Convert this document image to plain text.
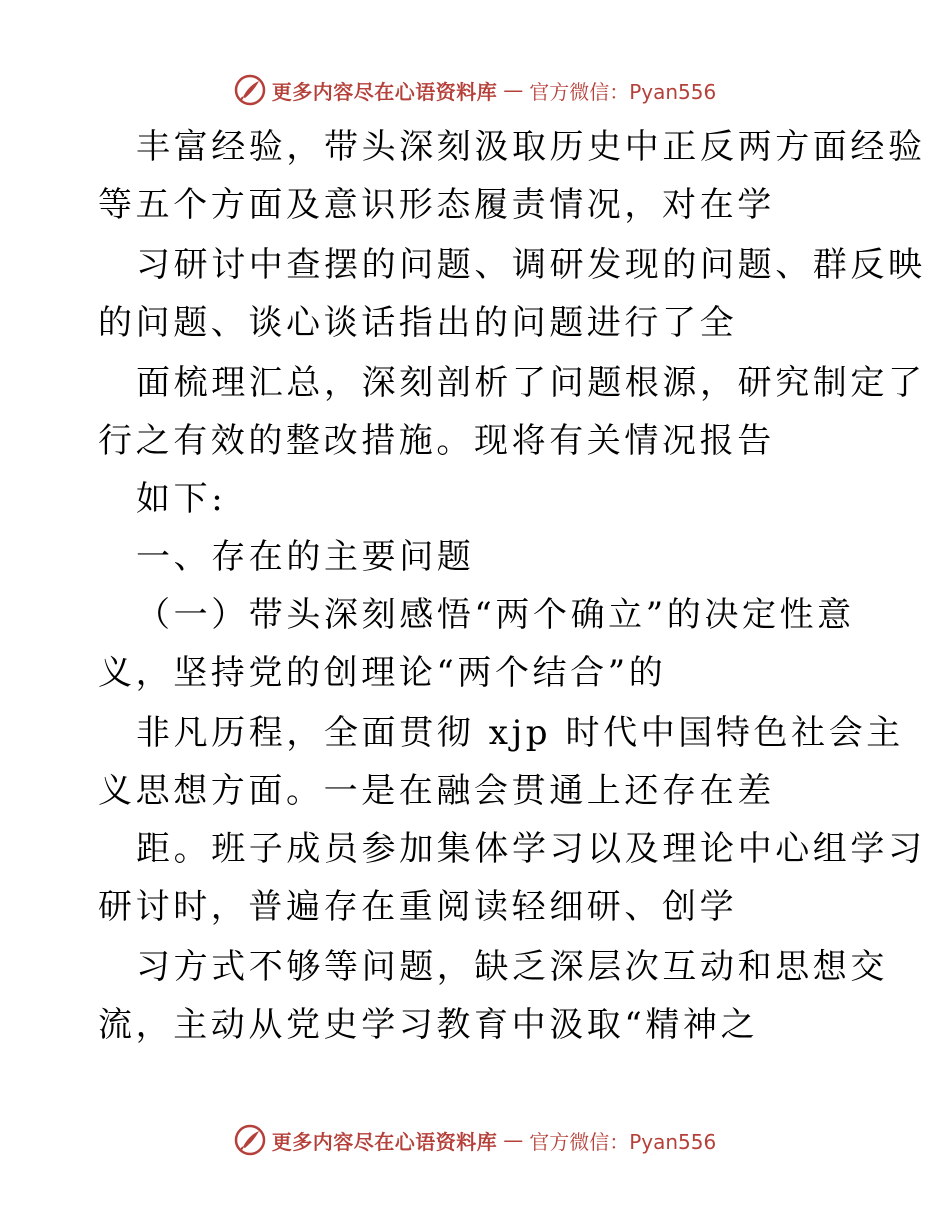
更多内容尽在心语资料库 — 官方微信：Pyan556
丰富经验，带头深刻汲取历史中正反两方面经验
等五个方面及意识形态履责情况，对在学
习研讨中查摆的问题、调研发现的问题、群反映
的问题、谈心谈话指出的问题进行了全
面梳理汇总，深刻剖析了问题根源，研究制定了
行之有效的整改措施。现将有关情况报告
如下:
一、存在的主要问题
（一）带头深刻感悟“两个确立”的决定性意
义，坚持党的创理论“两个结合”的
非凡历程，全面贯彻 xjp 时代中国特色社会主
义思想方面。一是在融会贯通上还存在差
距。班子成员参加集体学习以及理论中心组学习
研讨时，普遍存在重阅读轻细研、创学
习方式不够等问题，缺乏深层次互动和思想交
流，主动从党史学习教育中汲取“精神之
更多内容尽在心语资料库 — 官方微信：Pyan556
